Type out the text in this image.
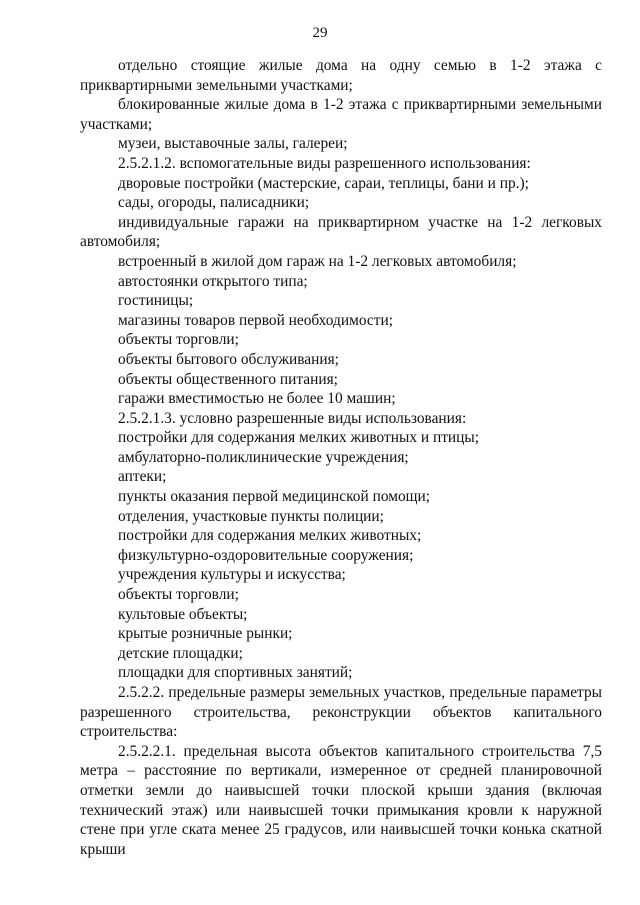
29

отдельно стоящие жилые дома на одну семью в 1-2 этажа с приквартирными земельными участками;

блокированные жилые дома в 1-2 этажа с приквартирными земельными участками;

музеи, выставочные залы, галереи;

2.5.2.1.2. вспомогательные виды разрешенного использования:

дворовые постройки (мастерские, сараи, теплицы, бани и пр.);

сады, огороды, палисадники;

индивидуальные гаражи на приквартирном участке на 1-2 легковых автомобиля;

встроенный в жилой дом гараж на 1-2 легковых автомобиля;

автостоянки открытого типа;

гостиницы;

магазины товаров первой необходимости;

объекты торговли;

объекты бытового обслуживания;

объекты общественного питания;

гаражи вместимостью не более 10 машин;

2.5.2.1.3. условно разрешенные виды использования:

постройки для содержания мелких животных и птицы;

амбулаторно-поликлинические учреждения;

аптеки;

пункты оказания первой медицинской помощи;

отделения, участковые пункты полиции;

постройки для содержания мелких животных;

физкультурно-оздоровительные сооружения;

учреждения культуры и искусства;

объекты торговли;

культовые объекты;

крытые розничные рынки;

детские площадки;

площадки для спортивных занятий;

2.5.2.2. предельные размеры земельных участков, предельные параметры разрешенного строительства, реконструкции объектов капитального строительства:

2.5.2.2.1. предельная высота объектов капитального строительства 7,5 метра – расстояние по вертикали, измеренное от средней планировочной отметки земли до наивысшей точки плоской крыши здания (включая технический этаж) или наивысшей точки примыкания кровли к наружной стене при угле ската менее 25 градусов, или наивысшей точки конька скатной крыши
